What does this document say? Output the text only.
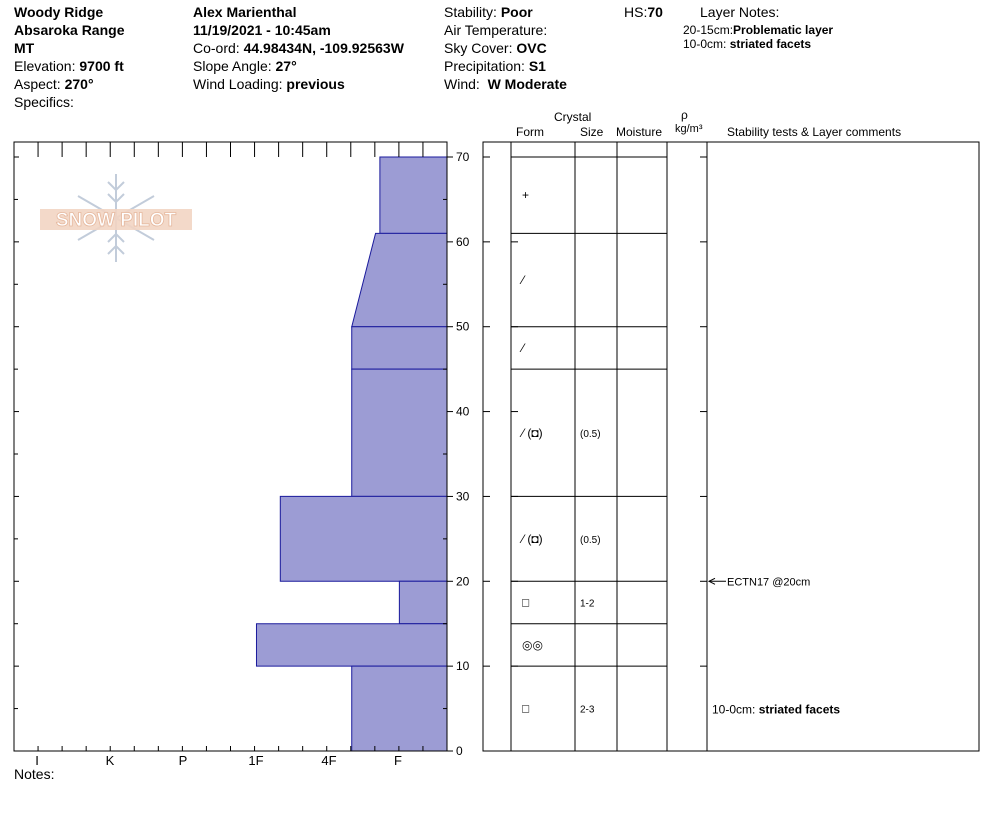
Woody Ridge
Absaroka Range
MT
Elevation: 9700 ft
Aspect: 270°
Specifics:
Alex Marienthal
11/19/2021 - 10:45am
Co-ord: 44.98434N, -109.92563W
Slope Angle: 27°
Wind Loading: previous
Stability: Poor
Air Temperature:
Sky Cover: OVC
Precipitation: S1
Wind: W Moderate
HS:70	Layer Notes:
20-15cm:Problematic layer
10-0cm: striated facets
Crystal
Form	Size Moisture
ρ
kg/m³ Stability tests & Layer comments
Notes:
SNOW PILOT
0
10
20
30
40
50
60
70
I	K	P	1F	4F	F
+
⁄
⁄
⁄ (◘)	(0.5)
⁄ (◘)	(0.5)
□	1-2
◎◎
□	2-3
ECTN17 @20cm
10-0cm: striated facets
